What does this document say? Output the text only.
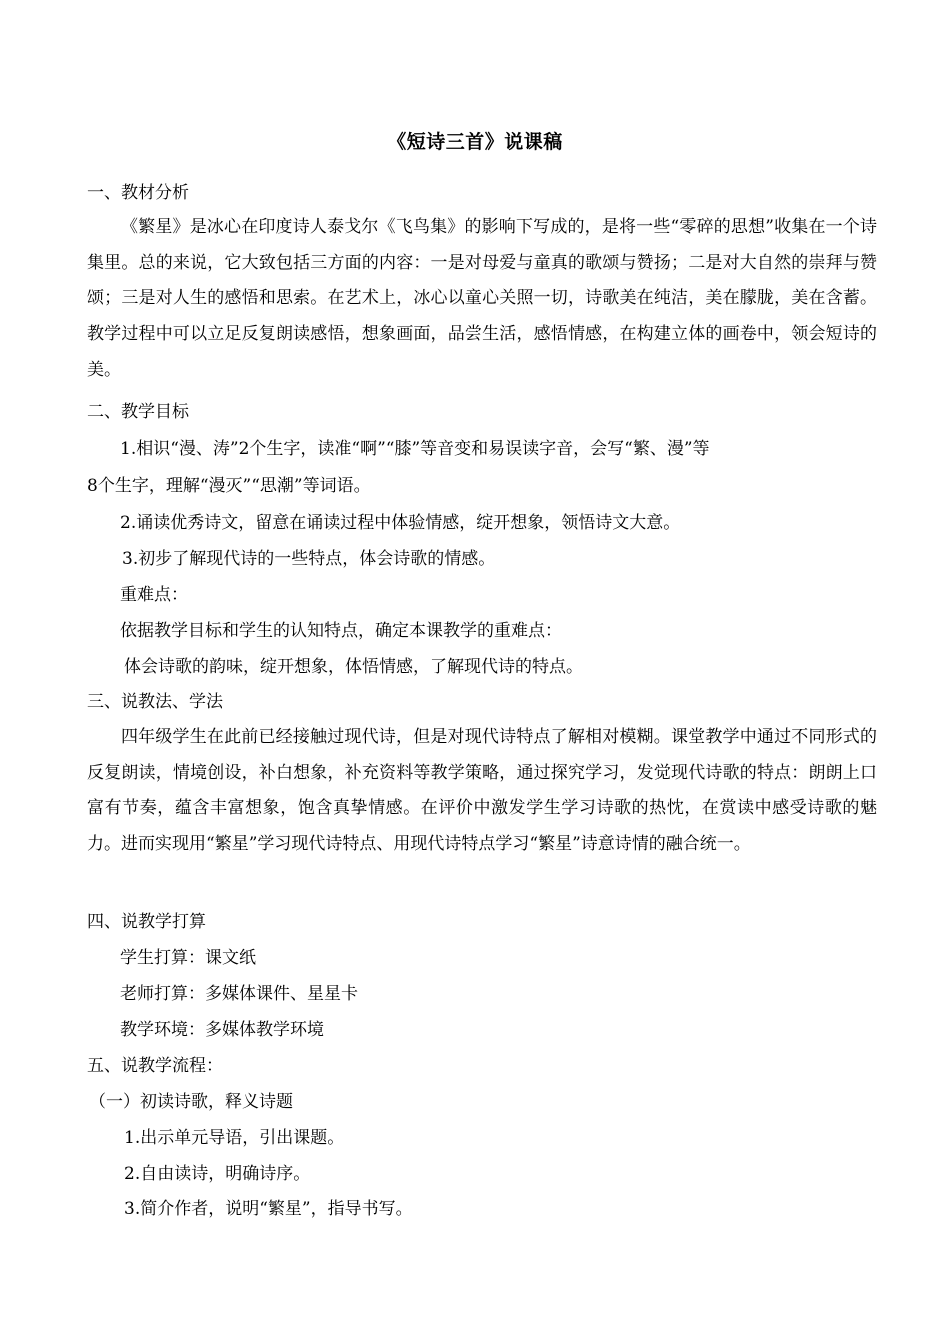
《短诗三首》说课稿
一、教材分析
《繁星》是冰心在印度诗人泰戈尔《飞鸟集》的影响下写成的，是将一些“零碎的思想”收集在一个诗集里。总的来说，它大致包括三方面的内容：一是对母爱与童真的歌颂与赞扬；二是对大自然的崇拜与赞颂；三是对人生的感悟和思索。在艺术上，冰心以童心关照一切，诗歌美在纯洁，美在朦胧，美在含蓄。教学过程中可以立足反复朗读感悟，想象画面，品尝生活，感悟情感，在构建立体的画卷中，领会短诗的美。
二、教学目标
1.相识“漫、涛”2个生字，读准“啊”“膝”等音变和易误读字音，会写“繁、漫”等
8个生字，理解“漫灭”“思潮”等词语。
2.诵读优秀诗文，留意在诵读过程中体验情感，绽开想象，领悟诗文大意。
3.初步了解现代诗的一些特点，体会诗歌的情感。
重难点：
依据教学目标和学生的认知特点，确定本课教学的重难点：
体会诗歌的韵味，绽开想象，体悟情感，了解现代诗的特点。
三、说教法、学法
四年级学生在此前已经接触过现代诗，但是对现代诗特点了解相对模糊。课堂教学中通过不同形式的反复朗读，情境创设，补白想象，补充资料等教学策略，通过探究学习，发觉现代诗歌的特点：朗朗上口富有节奏，蕴含丰富想象，饱含真挚情感。在评价中激发学生学习诗歌的热忱，在赏读中感受诗歌的魅力。进而实现用“繁星”学习现代诗特点、用现代诗特点学习“繁星”诗意诗情的融合统一。
四、说教学打算
学生打算：课文纸
老师打算：多媒体课件、星星卡
教学环境：多媒体教学环境
五、说教学流程：
（一）初读诗歌，释义诗题
1.出示单元导语，引出课题。
2.自由读诗，明确诗序。
3.简介作者，说明“繁星”，指导书写。
